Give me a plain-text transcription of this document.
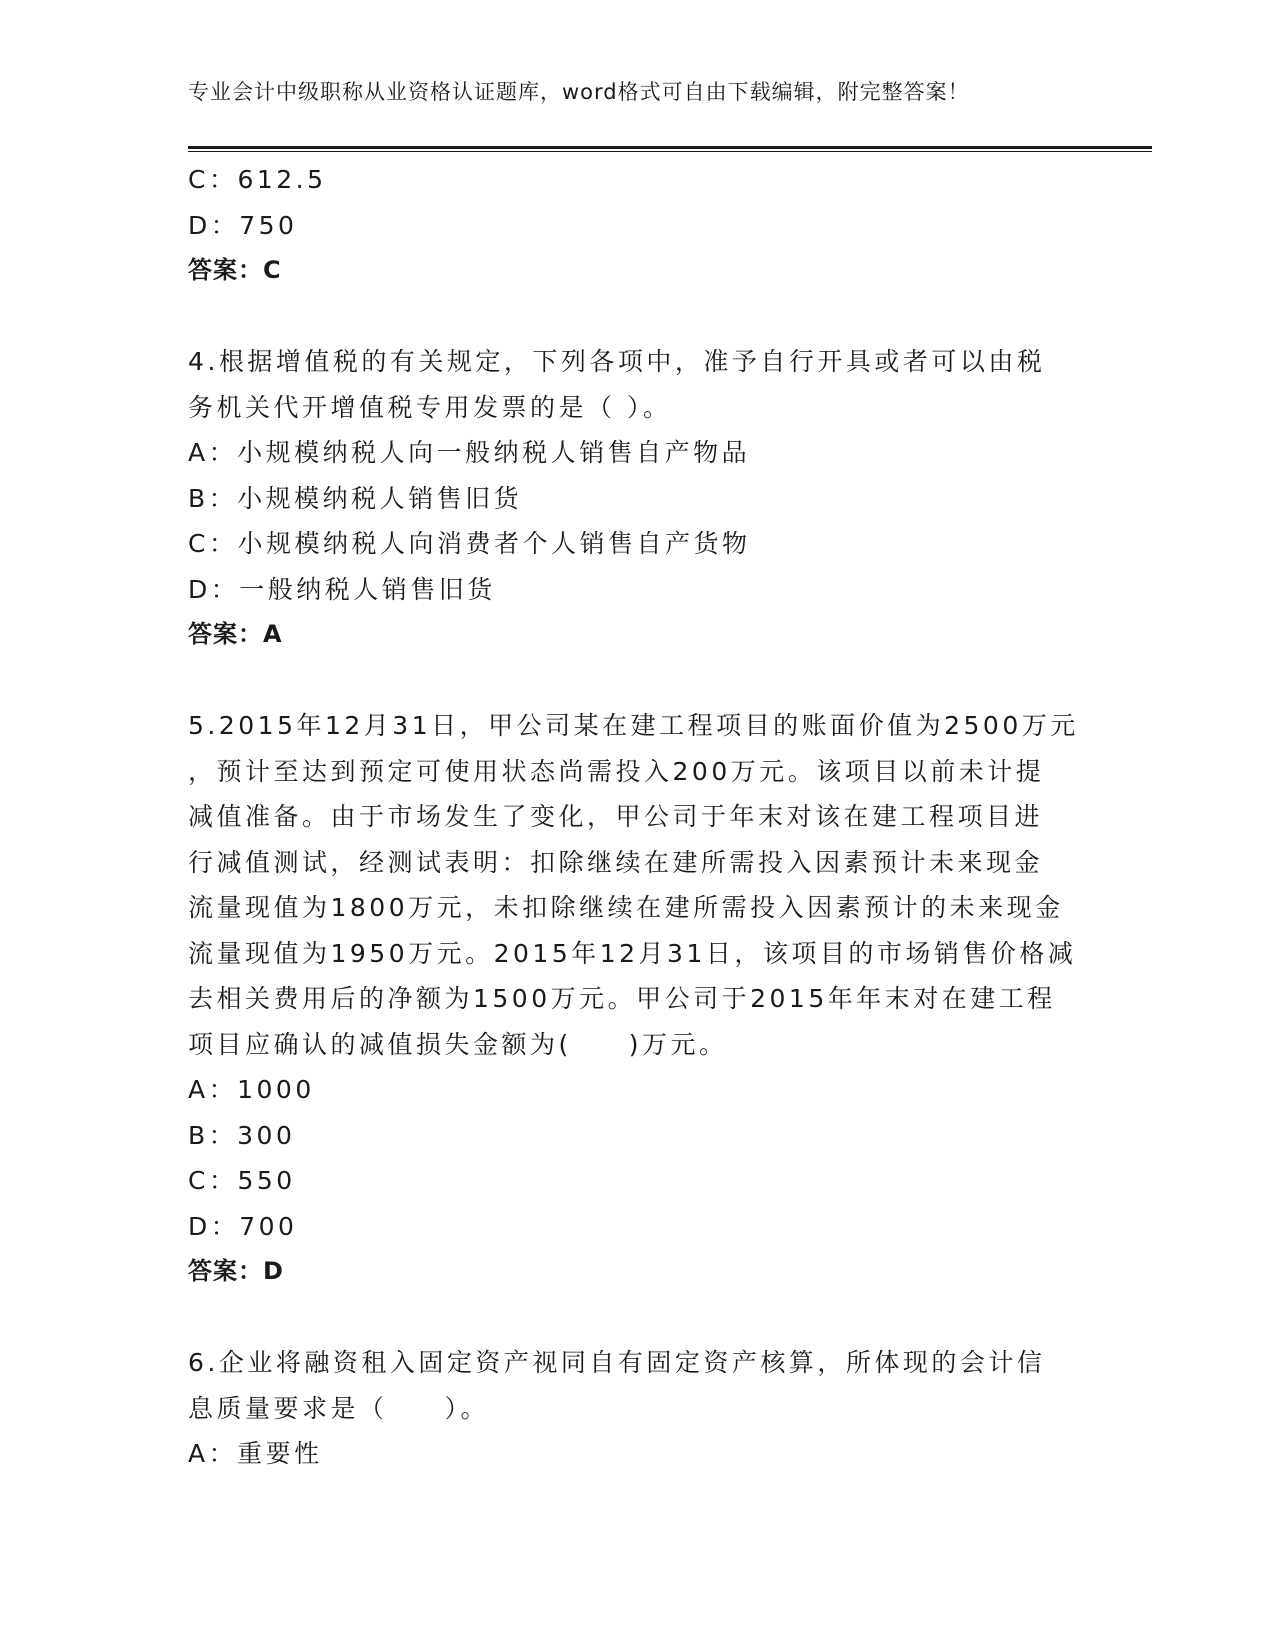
专业会计中级职称从业资格认证题库，word格式可自由下载编辑，附完整答案！
C：612.5
D：750
答案：C
4.根据增值税的有关规定，下列各项中，准予自行开具或者可以由税
务机关代开增值税专用发票的是（ ）。
A：小规模纳税人向一般纳税人销售自产物品
B：小规模纳税人销售旧货
C：小规模纳税人向消费者个人销售自产货物
D：一般纳税人销售旧货
答案：A
5.2015年12月31日，甲公司某在建工程项目的账面价值为2500万元
，预计至达到预定可使用状态尚需投入200万元。该项目以前未计提
减值准备。由于市场发生了变化，甲公司于年末对该在建工程项目进
行减值测试，经测试表明：扣除继续在建所需投入因素预计未来现金
流量现值为1800万元，未扣除继续在建所需投入因素预计的未来现金
流量现值为1950万元。2015年12月31日，该项目的市场销售价格减
去相关费用后的净额为1500万元。甲公司于2015年年末对在建工程
项目应确认的减值损失金额为(　　)万元。
A：1000
B：300
C：550
D：700
答案：D
6.企业将融资租入固定资产视同自有固定资产核算，所体现的会计信
息质量要求是（　　）。
A：重要性
